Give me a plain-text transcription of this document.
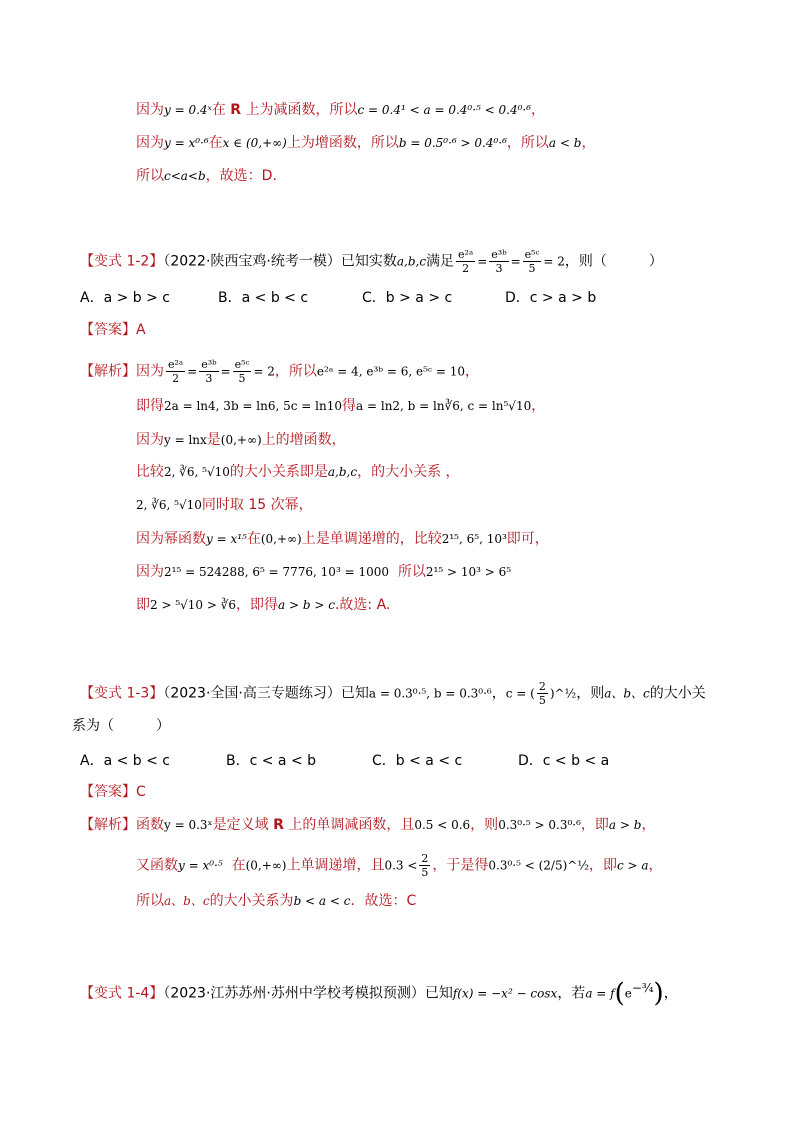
因为y = 0.4ˣ在 R 上为减函数，所以c = 0.4¹ < a = 0.4⁰·⁵ < 0.4⁰·⁶，
因为y = x⁰·⁶在x ∈ (0,+∞)上为增函数，所以b = 0.5⁰·⁶ > 0.4⁰·⁶，所以a < b，
所以c<a<b，故选：D.
【变式 1-2】（2022·陕西宝鸡·统考一模）已知实数a,b,c满足 $\frac{\text{e²ᵃ}}{2} = \frac{\text{e³ᵇ}}{3} = \frac{\text{e⁵ᶜ}}{5} = 2$，则（　　　）
A．a > b > c	B．a < b < c	C．b > a > c	D．c > a > b
【答案】A
【解析】因为 $\frac{\text{e²ᵃ}}{2} = \frac{\text{e³ᵇ}}{3} = \frac{\text{e⁵ᶜ}}{5} = 2$，所以e²ᵃ = 4, e³ᵇ = 6, e⁵ᶜ = 10，
即得2a = ln4, 3b = ln6, 5c = ln10得a = ln2, b = ln∛6, c = ln⁵√10，
因为y = lnx是(0,+∞)上的增函数，
比较2, ∛6, ⁵√10的大小关系即是a,b,c，的大小关系 ，
2, ∛6, ⁵√10同时取 15 次幂，
因为幂函数y = x¹⁵在(0,+∞)上是单调递增的，比较2¹⁵, 6⁵, 10³即可，
因为2¹⁵ = 524288, 6⁵ = 7776, 10³ = 1000 所以2¹⁵ > 10³ > 6⁵
即2 > ⁵√10 > ∛6，即得a > b > c.故选: A.
【变式 1-3】（2023·全国·高三专题练习）已知a = 0.3⁰·⁵, b = 0.3⁰·⁶，c = ( $\frac{2}{5}$ )^½，则a、b、c的大小关
系为（　　　）
A．a < b < c	B．c < a < b	C．b < a < c	D．c < b < a
【答案】C
【解析】函数y = 0.3ˣ是定义域 R 上的单调减函数，且0.5 < 0.6，则0.3⁰·⁵ > 0.3⁰·⁶，即a > b，
又函数y = x⁰·⁵ 在(0,+∞)上单调递增，且$0.3 < \frac{2}{5}$ ，于是得0.3⁰·⁵ < (2/5)^½，即c > a，
所以a、b、c的大小关系为b < a < c．故选：C
【变式 1-4】（2023·江苏苏州·苏州中学校考模拟预测）已知f(x) = −x² − cosx，若$a = f(e^{-\frac{3}{4}})$，
